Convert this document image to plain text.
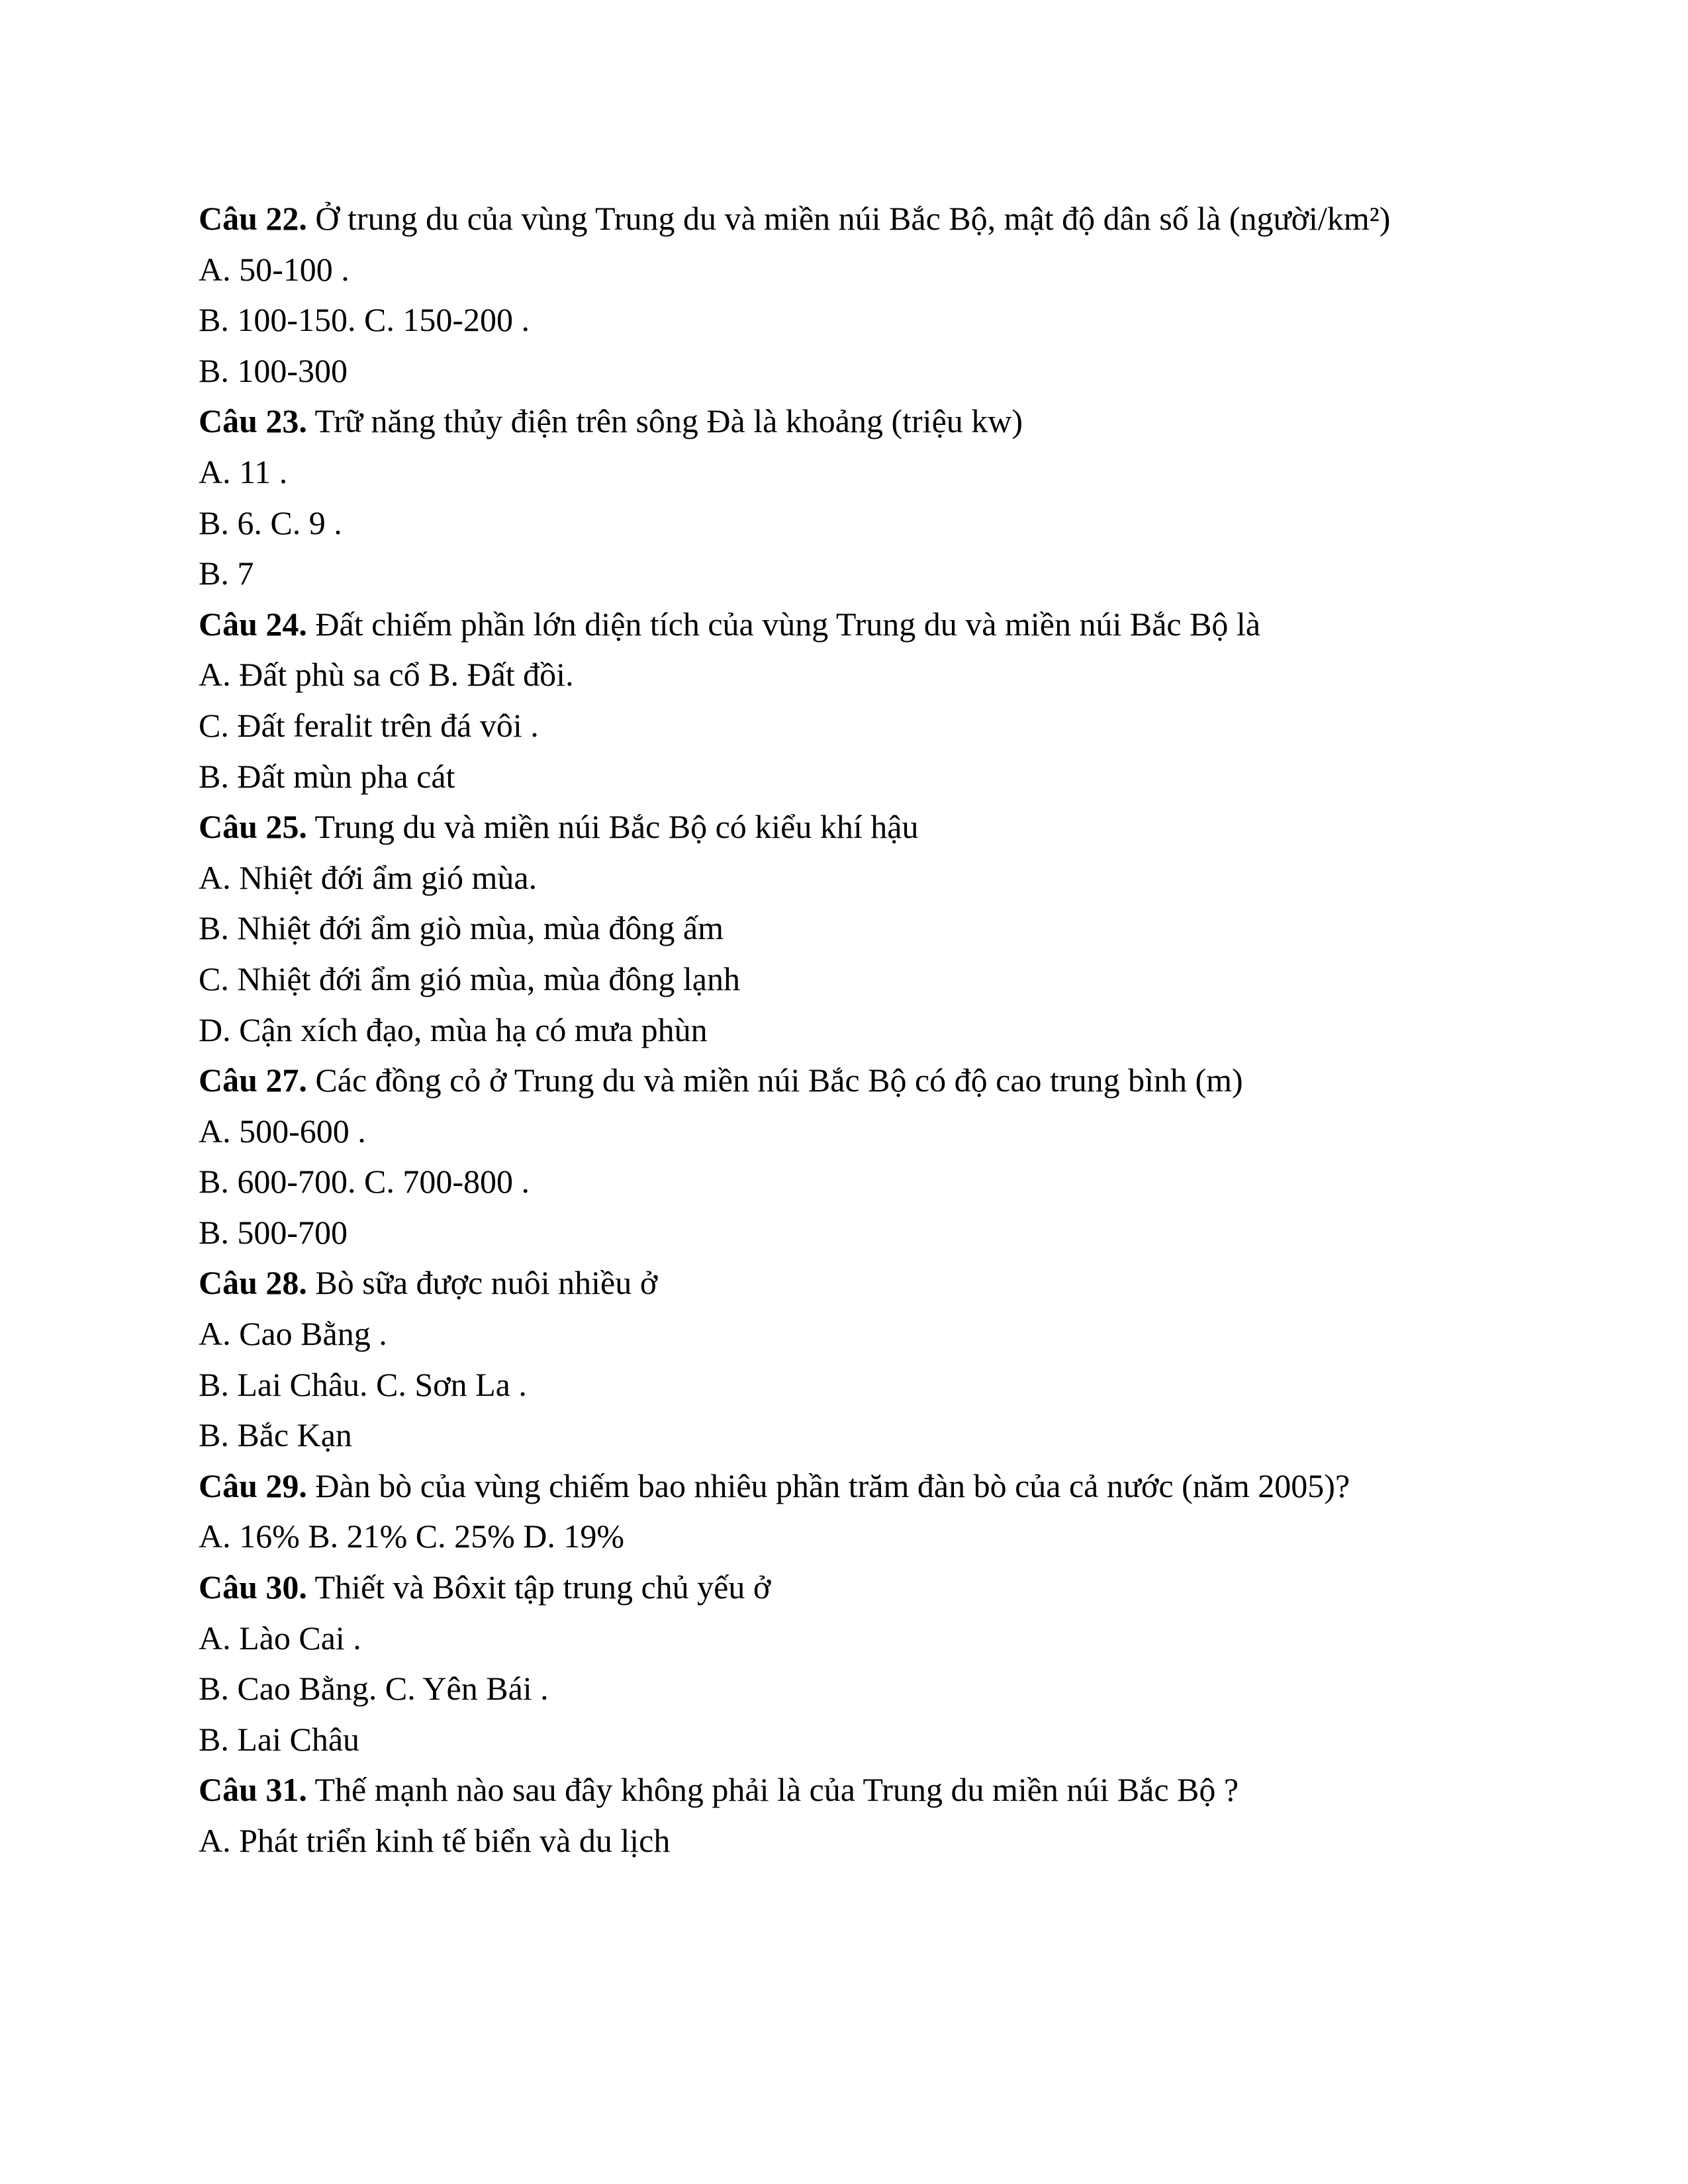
Câu 22. Ở trung du của vùng Trung du và miền núi Bắc Bộ, mật độ dân số là (người/km²)
A. 50-100 .
B. 100-150. C. 150-200 .
B. 100-300
Câu 23. Trữ năng thủy điện trên sông Đà là khoảng (triệu kw)
A. 11 .
B. 6. C. 9 .
B. 7
Câu 24. Đất chiếm phần lớn diện tích của vùng Trung du và miền núi Bắc Bộ là
A. Đất phù sa cổ B. Đất đồi.
C. Đất feralit trên đá vôi .
B. Đất mùn pha cát
Câu 25. Trung du và miền núi Bắc Bộ có kiểu khí hậu
A. Nhiệt đới ẩm gió mùa.
B. Nhiệt đới ẩm giò mùa, mùa đông ấm
C. Nhiệt đới ẩm gió mùa, mùa đông lạnh
D. Cận xích đạo, mùa hạ có mưa phùn
Câu 27. Các đồng cỏ ở Trung du và miền núi Bắc Bộ có độ cao trung bình (m)
A. 500-600 .
B. 600-700. C. 700-800 .
B. 500-700
Câu 28. Bò sữa được nuôi nhiều ở
A. Cao Bằng .
B. Lai Châu. C. Sơn La .
B. Bắc Kạn
Câu 29. Đàn bò của vùng chiếm bao nhiêu phần trăm đàn bò của cả nước (năm 2005)?
A. 16% B. 21% C. 25% D. 19%
Câu 30. Thiết và Bôxit tập trung chủ yếu ở
A. Lào Cai .
B. Cao Bằng. C. Yên Bái .
B. Lai Châu
Câu 31. Thế mạnh nào sau đây không phải là của Trung du miền núi Bắc Bộ ?
A. Phát triển kinh tế biển và du lịch
